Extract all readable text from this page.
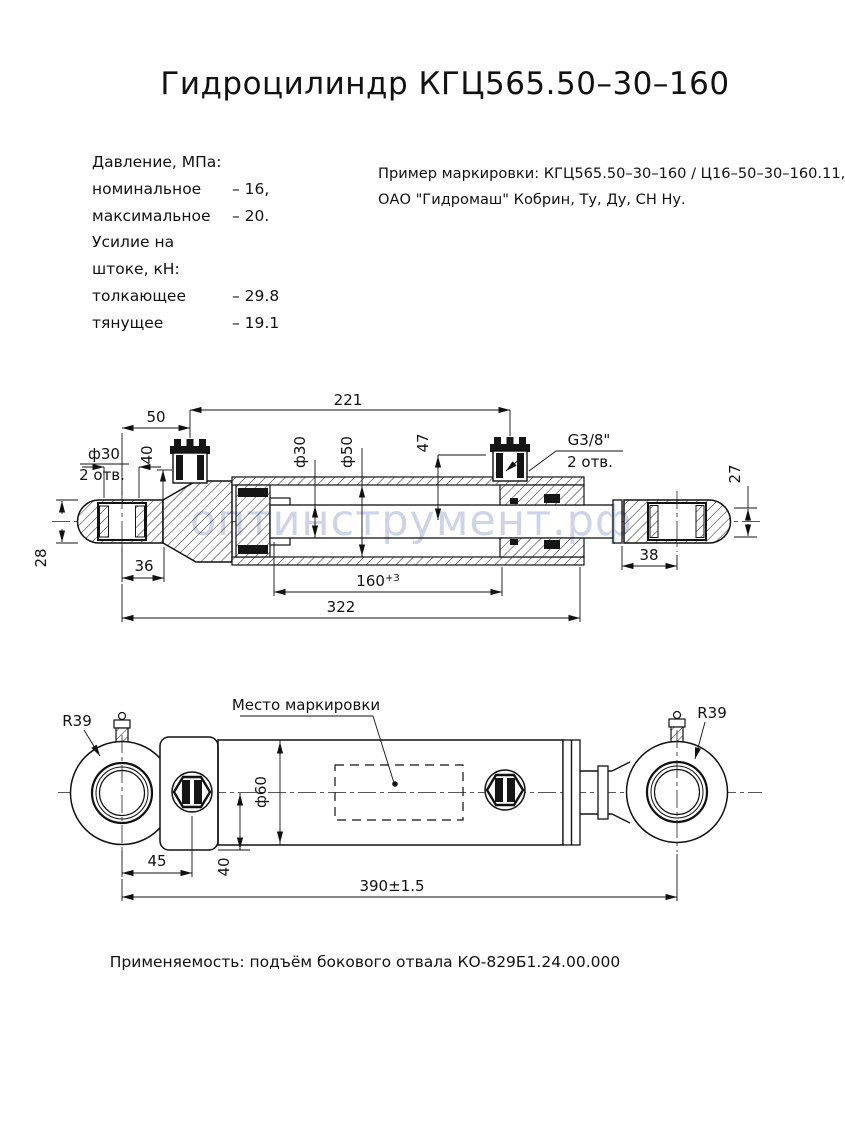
Гидроцилиндр КГЦ565.50–30–160
Давление, МПа:
номинальное	– 16,
максимальное	– 20.
Усилие на штоке, кН:
толкающее	– 29.8
тянущее	– 19.1
Пример маркировки: КГЦ565.50–30–160 / Ц16–50–30–160.11,
ОАО "Гидромаш" Кобрин, Ту, Ду, СН Ну.
221
50
40
ф30
2 отв.
ф30 ф50	47	G3/8"
2 отв.
27
28	36
$160^{+3}$
322
38
оптинструмент.рф
Место маркировки
R39	R39
ф60
45	40
390±1.5
Применяемость: подъём бокового отвала КО-829Б1.24.00.000
